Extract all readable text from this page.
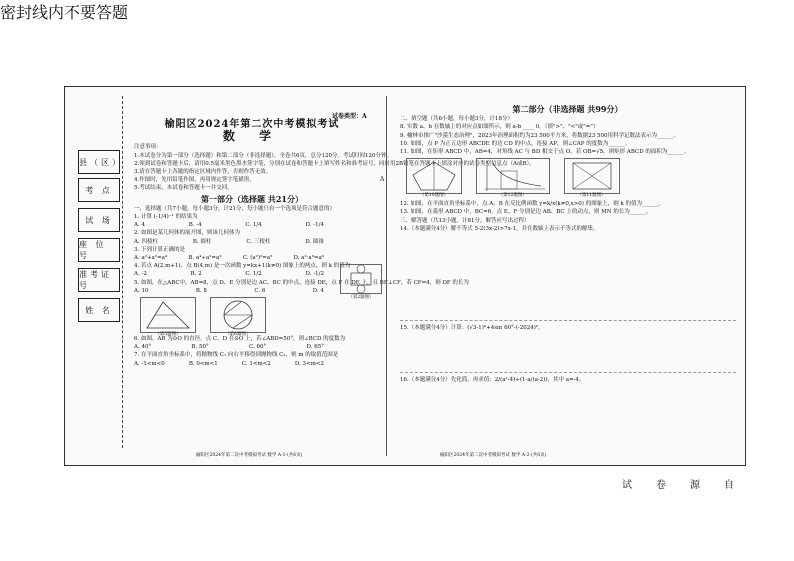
县（区）
考 点
试 场
座 位 号
准考证号
姓 名
密封线内不要答题
试卷类型：A
榆阳区2024年第二次中考模拟考试
数 学
注意事项：
1.本试卷分为第一部分（选择题）和第二部分（非选择题）。全卷共6页，总分120分。考试时间120分钟。
2.领到试卷和答题卡后，请用0.5毫米黑色墨水签字笔，分别在试卷和答题卡上填写姓名和准考证号，同时用2B铅笔在答题卡上填涂对应的试卷类型信息点（A或B）。
3.请在答题卡上各题的指定区域内作答，否则作答无效。
4.作图时，先用铅笔作图，再用规定签字笔描黑。
5.考试结束，本试卷和答题卡一并交回。
第一部分（选择题 共21分）
一、选择题（共7小题，每小题3分，计21分，每小题只有一个选项是符合题意的）
1. 计算 (-1/4)⁻¹ 的结果为
A. 4	B. -4	C. 1/4	D. -1/4
2. 如图是某几何体的展开图，则该几何体为
A. 四棱柱	B. 圆柱	C. 三棱柱	D. 圆锥
3. 下列计算正确的是
A. a²+a²=a⁴	B. a⁴÷a²=a²	C. (a²)³=a⁵	D. a²·a³=a⁶
4. 若点 A(2,m+1)，点 B(4,m) 是一次函数 y=kx+1(k≠0) 图象上的两点，则 k 的值为
A. -2	B. 2	C. 1/2	D. -1/2
5. 如图，在△ABC中，AB=8，点 D、E 分别是边 AC、BC 的中点，连接 DE，点 F 在 DE 上，且 BF⊥CF，若 CF=4，则 DF 的长为
A. 10	B. 8	C. 6	D. 4
（第5题图）
	（第6题图）
6. 如图，AB 为⊙O 的直径，点 C、D 在⊙O 上，若∠ABD=50°，则∠BCD 的度数为
A. 40°	B. 50°	C. 60°	D. 65°
7. 在平面直角坐标系中，将抛物线 C₁ 向右平移得到抛物线 C₂，则 m 的取值范围是
A. -1<m<0	B. 0<m<1	C. 1<m<2	D. 3<m<2
（第2题图）
A
第二部分（非选择题 共99分）
二、填空题（共6小题，每小题3分，计18分）
8. 实数 a、b 在数轴上的对应点如图所示，则 a-b ____ 0。（填">"、"<"或"="）
9. 榆林市推广"沙漠生态治理"，2023年治理面积约为23 500平方米，将数据23 500用科学记数法表示为______。
10. 如图，点 P 为正五边形 ABCDE 的边 CD 的中点，连接 AP，则∠CAP 的度数为______。
11. 如图，在矩形 ABCD 中，AB=4，对角线 AC 与 BD 相交于点 O，若 OB=√5，则矩形 ABCD 的面积为______。
（第10题图）
	（第12题图）
	（第11题图）
12. 如图，在平面直角坐标系中，点 A、B 在反比例函数 y=k/x(k≠0,x>0) 的图象上，则 k 的值为______。
13. 如图，在菱形 ABCD 中，BC=6，点 E、F 分别是边 AB、BC 上的动点，则 MN 的长为______。
三、解答题（共13小题，计81分，解答应写出过程）
14.（本题满分4分）解不等式 5-2(3x-2)>7x-1，并在数轴上表示不等式的解集。
15.（本题满分4分）计算：(√3-1)⁰+4sin 60°-(-2024)⁰。
16.（本题满分4分）先化简，再求值：2/(a²-4)÷(1-a/(a-2))，其中 a=-4。
榆阳区2024年第二次中考模拟考试 数学 A-1-(共6页)	榆阳区2024年第二次中考模拟考试 数学 A-2-(共6页)
试卷源自
